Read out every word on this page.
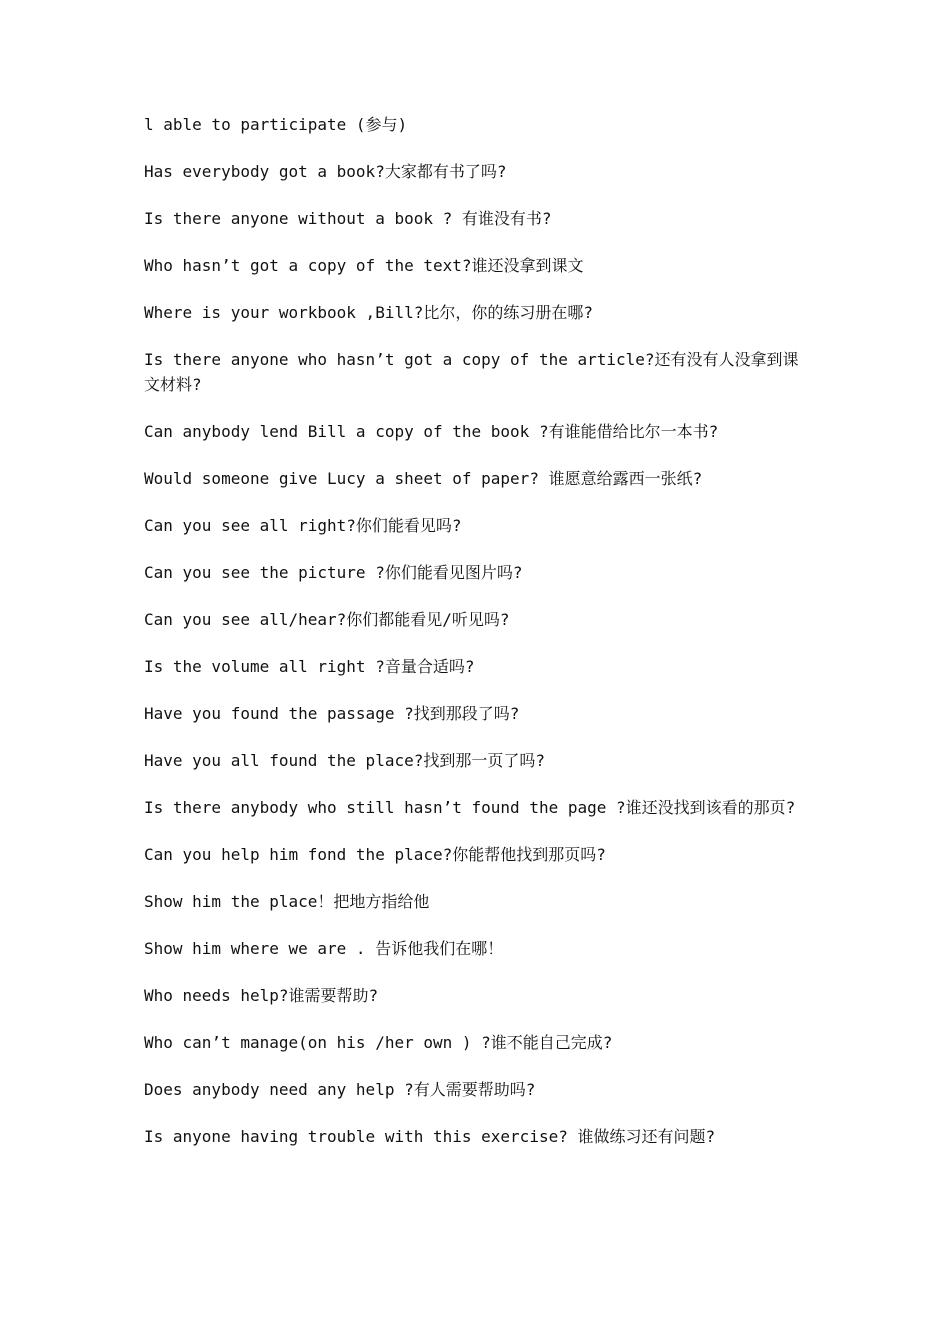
l able to participate (参与)

Has everybody got a book?大家都有书了吗?

Is there anyone without a book ? 有谁没有书?

Who hasn’t got a copy of the text?谁还没拿到课文

Where is your workbook ,Bill?比尔，你的练习册在哪?

Is there anyone who hasn’t got a copy of the article?还有没有人没拿到课文材料?

Can anybody lend Bill a copy of the book ?有谁能借给比尔一本书?

Would someone give Lucy a sheet of paper? 谁愿意给露西一张纸?

Can you see all right?你们能看见吗?

Can you see the picture ?你们能看见图片吗?

Can you see all/hear?你们都能看见/听见吗?

Is the volume all right ?音量合适吗?

Have you found the passage ?找到那段了吗?

Have you all found the place?找到那一页了吗?

Is there anybody who still hasn’t found the page ?谁还没找到该看的那页?

Can you help him fond the place?你能帮他找到那页吗?

Show him the place！把地方指给他

Show him where we are . 告诉他我们在哪！

Who needs help?谁需要帮助?

Who can’t manage(on his /her own ) ?谁不能自己完成?

Does anybody need any help ?有人需要帮助吗?

Is anyone having trouble with this exercise? 谁做练习还有问题?
